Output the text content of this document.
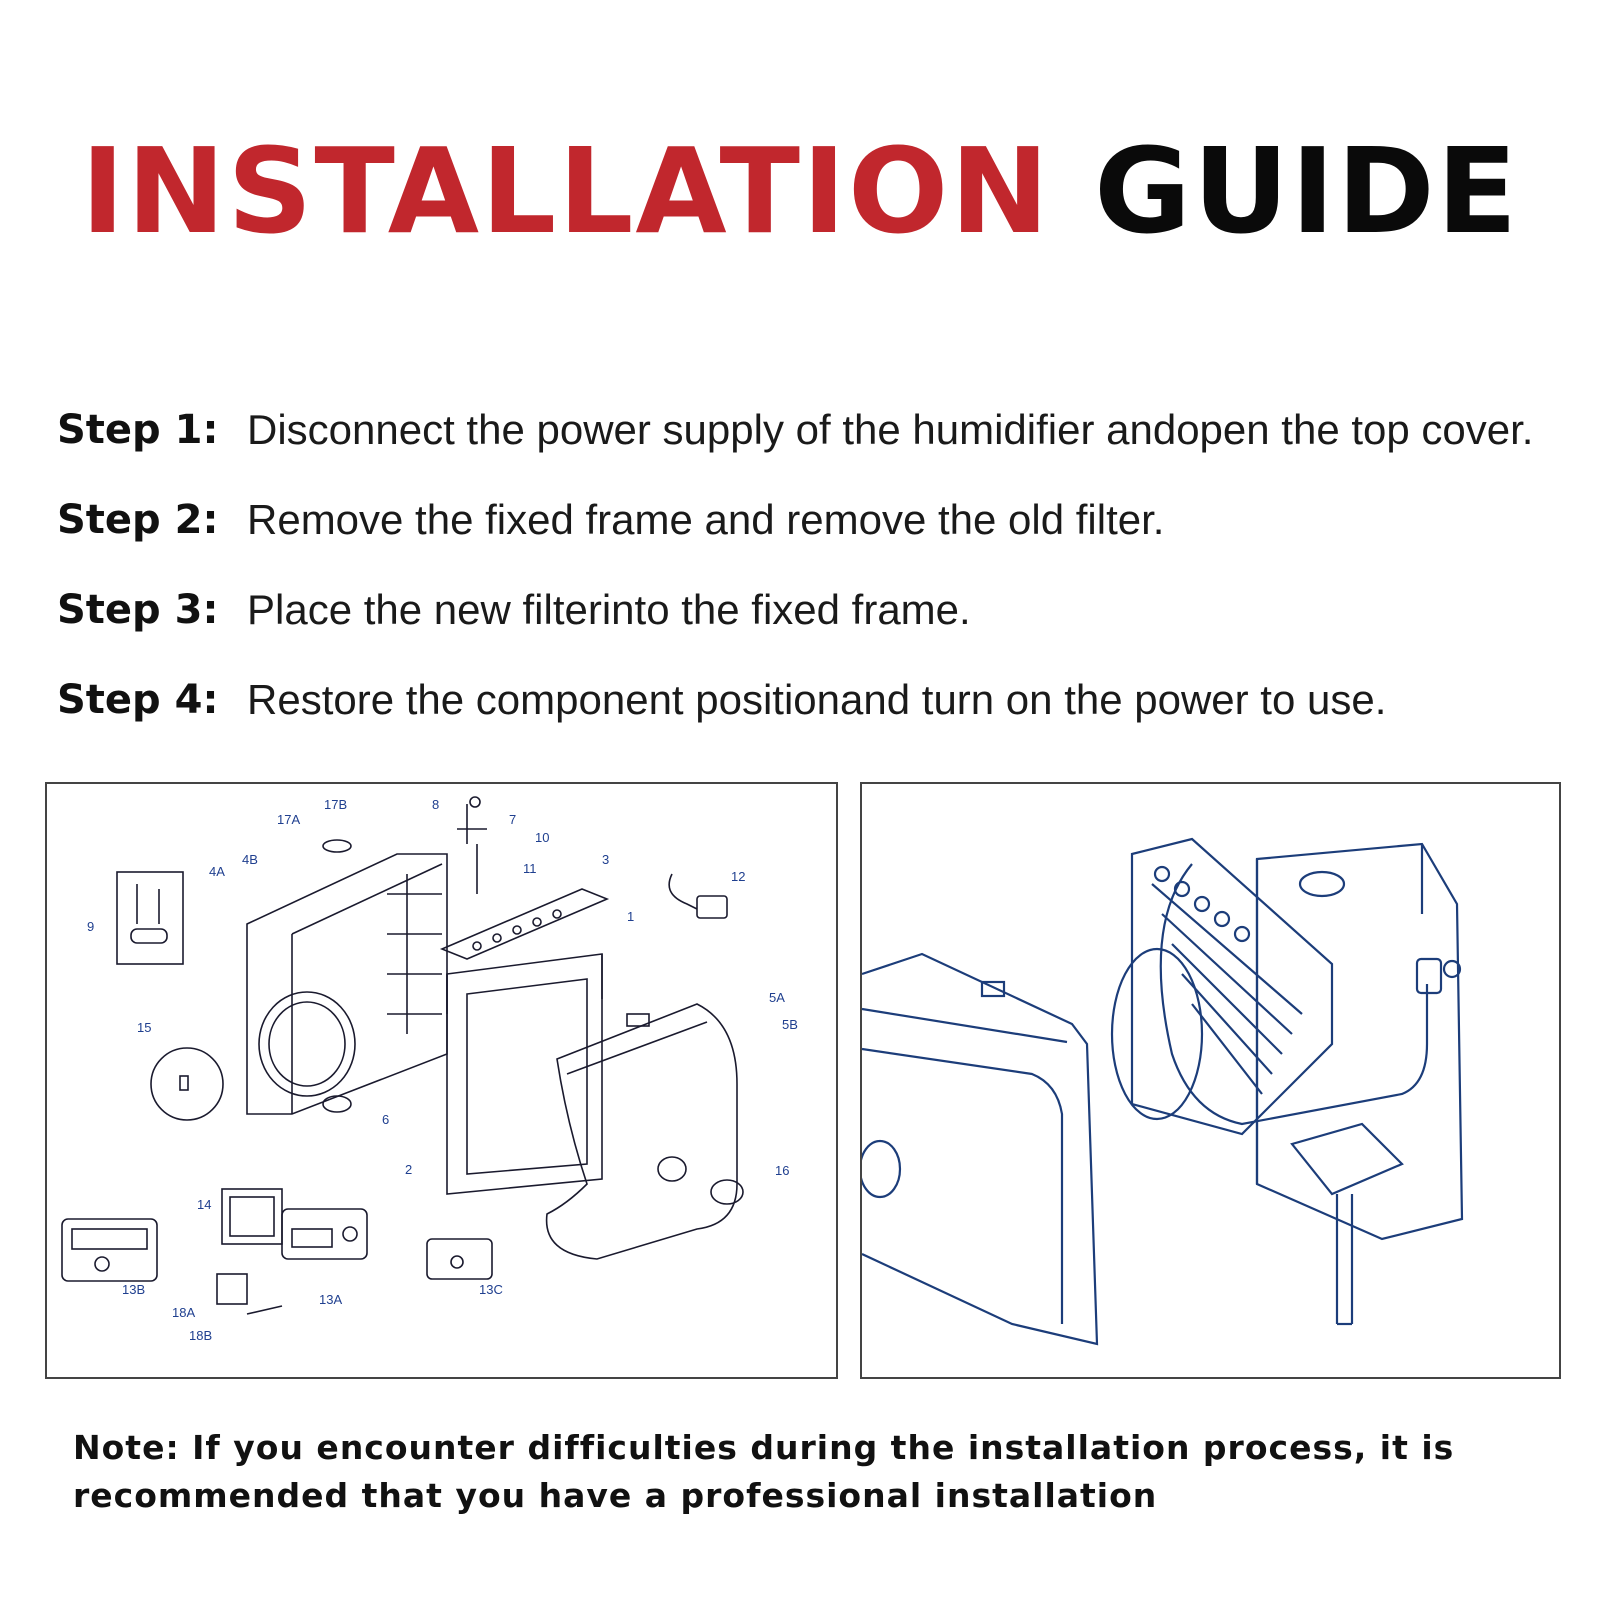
INSTALLATION GUIDE
Step 1: Disconnect the power supply of the humidifier andopen the top cover.
Step 2: Remove the fixed frame and remove the old filter.
Step 3: Place the new filterinto the fixed frame.
Step 4: Restore the component positionand turn on the power to use.
17B
17A
4B
4A
9
8
7
10
11
3
1
12
15
6
5A
5B
2	16
14
13B
13A
13C
18A
18B
Note: If you encounter difficulties during the installation process, it is recommended that you have a professional installation
